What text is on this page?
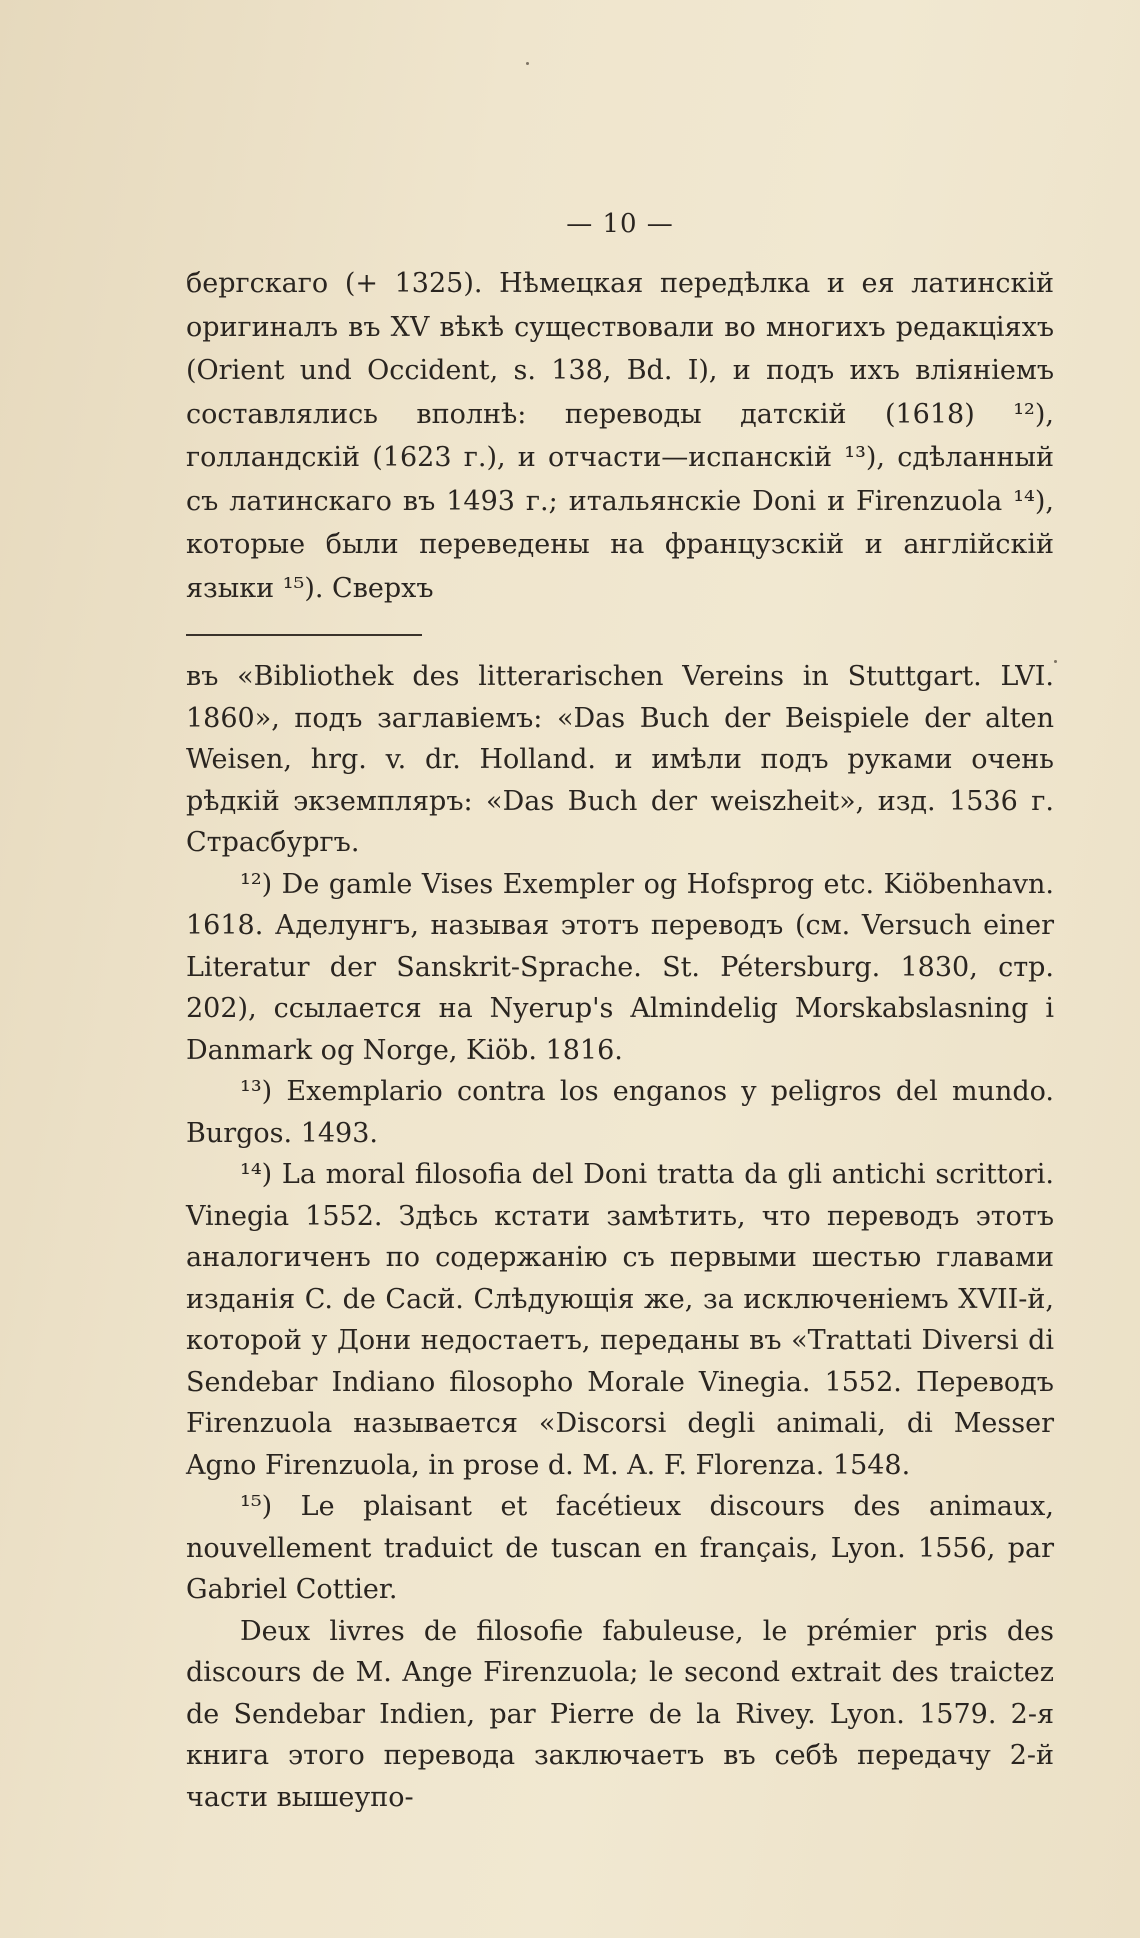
— 10 —

бергскаго (+ 1325). Нѣмецкая передѣлка и ея латинскій оригиналъ въ XV вѣкѣ существовали во многихъ редакціяхъ (Orient und Occident, s. 138, Bd. I), и подъ ихъ вліяніемъ составлялись вполнѣ: переводы датскій (1618) ¹²), голландскій (1623 г.), и отчасти—испанскій ¹³), сдѣланный съ латинскаго въ 1493 г.; итальянскіе Doni и Firenzuola ¹⁴), которые были переведены на французскій и англійскій языки ¹⁵). Сверхъ

въ «Bibliothek des litterarischen Vereins in Stuttgart. LVI. 1860», подъ заглавіемъ: «Das Buch der Beispiele der alten Weisen, hrg. v. dr. Holland. и имѣли подъ руками очень рѣдкій экземпляръ: «Das Buch der weiszheit», изд. 1536 г. Страсбургъ.

¹²) De gamle Vises Exempler og Hofsprog etc. Kiöbenhavn. 1618. Аделунгъ, называя этотъ переводъ (см. Versuch einer Literatur der Sanskrit-Sprache. St. Pétersburg. 1830, стр. 202), ссылается на Nyerup's Almindelig Morskabslasning i Danmark og Norge, Kiöb. 1816.

¹³) Exemplario contra los enganos y peligros del mundo. Burgos. 1493.

¹⁴) La moral filosofia del Doni tratta da gli antichi scrittori. Vinegia 1552. Здѣсь кстати замѣтить, что переводъ этотъ аналогиченъ по содержанію съ первыми шестью главами изданія C. de Сасй. Слѣдующія же, за исключеніемъ XVII-й, которой у Дони недостаетъ, переданы въ «Trattati Diversi di Sendebar Indiano filosopho Morale Vinegia. 1552. Переводъ Firenzuola называется «Discorsi degli animali, di Messer Agno Firenzuola, in prose d. M. A. F. Florenza. 1548.

¹⁵) Le plaisant et facétieux discours des animaux, nouvellement traduict de tuscan en français, Lyon. 1556, par Gabriel Cottier.

Deux livres de filosofie fabuleuse, le prémier pris des discours de M. Ange Firenzuola; le second extrait des traictez de Sendebar Indien, par Pierre de la Rivey. Lyon. 1579. 2-я книга этого перевода заключаетъ въ себѣ передачу 2-й части вышеупо-
